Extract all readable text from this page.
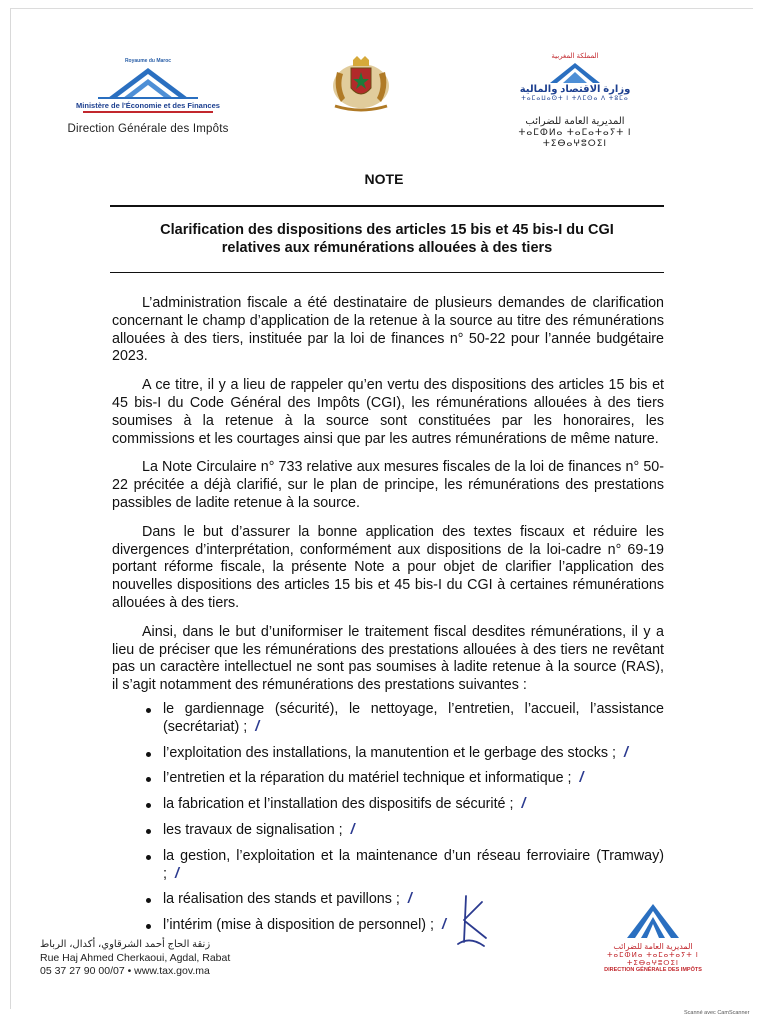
Royaume du Maroc
Ministère de l'Économie et des Finances
Direction Générale des Impôts
المملكة المغربية
وزارة الاقتصاد والمالية
ⵜⴰⵎⴰⵡⴰⵙⵜ ⵏ ⵜⴷⵎⵙⴰ ⴷ ⵜⵓⵎⴰ
المديرية العامة للضرائب
ⵜⴰⵎⵀⵍⴰ ⵜⴰⵎⴰⵜⴰⵢⵜ ⵏ ⵜⵉⴱⴰⵖⵓⵔⵉⵏ
NOTE
Clarification des dispositions des articles 15 bis et 45 bis-I du CGI
relatives aux rémunérations allouées à des tiers

L’administration fiscale a été destinataire de plusieurs demandes de clarification concernant le champ d’application de la retenue à la source au titre des rémunérations allouées à des tiers, instituée par la loi de finances n° 50-22 pour l’année budgétaire 2023.

A ce titre, il y a lieu de rappeler qu’en vertu des dispositions des articles 15 bis et 45 bis-I du Code Général des Impôts (CGI), les rémunérations allouées à des tiers soumises à la retenue à la source sont constituées par les honoraires, les commissions et les courtages ainsi que par les autres rémunérations de même nature.

La Note Circulaire n° 733 relative aux mesures fiscales de la loi de finances n° 50-22 précitée a déjà clarifié, sur le plan de principe, les rémunérations des prestations passibles de ladite retenue à la source.

Dans le but d’assurer la bonne application des textes fiscaux et réduire les divergences d’interprétation, conformément aux dispositions de la loi-cadre n° 69-19 portant réforme fiscale, la présente Note a pour objet de clarifier l’application des nouvelles dispositions des articles 15 bis et 45 bis-I du CGI à certaines rémunérations allouées à des tiers.

Ainsi, dans le but d’uniformiser le traitement fiscal desdites rémunérations, il y a lieu de préciser que les rémunérations des prestations allouées à des tiers ne revêtant pas un caractère intellectuel ne sont pas soumises à ladite retenue à la source (RAS), il s’agit notamment des rémunérations des prestations suivantes :

le gardiennage (sécurité), le nettoyage, l’entretien, l’accueil, l’assistance (secrétariat) ; /
l’exploitation des installations, la manutention et le gerbage des stocks ; /
l’entretien et la réparation du matériel technique et informatique ; /
la fabrication et l’installation des dispositifs de sécurité ; /
les travaux de signalisation ; /
la gestion, l’exploitation et la maintenance d’un réseau ferroviaire (Tramway) ; /
la réalisation des stands et pavillons ; /
l’intérim (mise à disposition de personnel) ; /
زنقة الحاج أحمد الشرقاوي، أكدال، الرباط
Rue Haj Ahmed Cherkaoui, Agdal, Rabat
05 37 27 90 00/07 • www.tax.gov.ma
المديرية العامة للضرائب
ⵜⴰⵎⵀⵍⴰ ⵜⴰⵎⴰⵜⴰⵢⵜ ⵏ ⵜⵉⴱⴰⵖⵓⵔⵉⵏ
DIRECTION GÉNÉRALE DES IMPÔTS
Scanné avec CamScanner
